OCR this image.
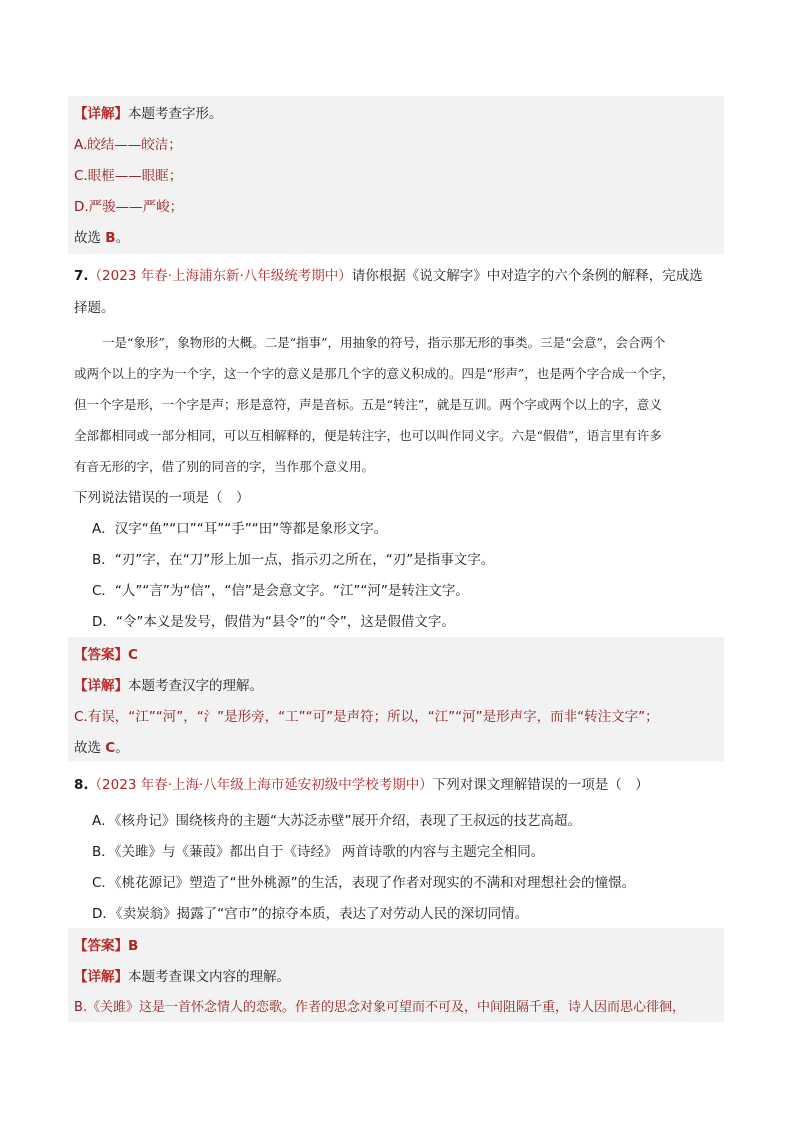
【详解】本题考查字形。
A.皎结——皎洁；
C.眼框——眼眶；
D.严骏——严峻；
故选 B。
7.（2023 年春·上海浦东新·八年级统考期中）请你根据《说文解字》中对造字的六个条例的解释，完成选
择题。
一是“象形”，象物形的大概。二是“指事”，用抽象的符号，指示那无形的事类。三是“会意”，会合两个
或两个以上的字为一个字，这一个字的意义是那几个字的意义积成的。四是“形声”，也是两个字合成一个字，
但一个字是形，一个字是声；形是意符，声是音标。五是“转注”，就是互训。两个字或两个以上的字，意义
全部都相同或一部分相同，可以互相解释的，便是转注字，也可以叫作同义字。六是“假借”，语言里有许多
有音无形的字，借了别的同音的字，当作那个意义用。
下列说法错误的一项是（　）
A．汉字“鱼”“口”“耳”“手”“田”等都是象形文字。
B．“刃”字，在“刀”形上加一点，指示刃之所在，“刃”是指事文字。
C．“人”“言”为“信”，“信”是会意文字。“江”“河”是转注文字。
D．“令”本义是发号，假借为“县令”的“令”，这是假借文字。
【答案】C
【详解】本题考查汉字的理解。
C.有误，“江”“河”，“氵”是形旁，“工”“可”是声符；所以，“江”“河”是形声字，而非“转注文字”；
故选 C。
8.（2023 年春·上海·八年级上海市延安初级中学校考期中）下列对课文理解错误的一项是（　）
A．《核舟记》围绕核舟的主题“大苏泛赤壁”展开介绍，表现了王叔远的技艺高超。
B．《关雎》与《蒹葭》都出自于《诗经》 两首诗歌的内容与主题完全相同。
C．《桃花源记》塑造了“世外桃源”的生活，表现了作者对现实的不满和对理想社会的憧憬。
D．《卖炭翁》揭露了“宫市”的掠夺本质，表达了对劳动人民的深切同情。
【答案】B
【详解】本题考查课文内容的理解。
B.《关雎》这是一首怀念情人的恋歌。作者的思念对象可望而不可及，中间阻隔千重，诗人因而思心徘徊，
